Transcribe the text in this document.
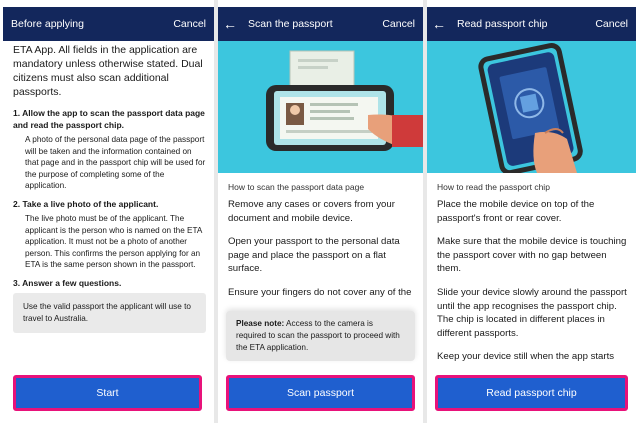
Before applying	Cancel
ETA App. All fields in the application are mandatory unless otherwise stated. Dual citizens must also scan additional passports.
1. Allow the app to scan the passport data page and read the passport chip.
A photo of the personal data page of the passport will be taken and the information contained on that page and in the passport chip will be used for the purpose of completing some of the application.
2. Take a live photo of the applicant.
The live photo must be of the applicant. The applicant is the person who is named on the ETA application. It must not be a photo of another person. This confirms the person applying for an ETA is the same person shown in the passport.
3. Answer a few questions.
Use the valid passport the applicant will use to travel to Australia.
Start
←	Scan the passport	Cancel
How to scan the passport data page
Remove any cases or covers from your document and mobile device.
Open your passport to the personal data page and place the passport on a flat surface.
Ensure your fingers do not cover any of the
Please note: Access to the camera is required to scan the passport to proceed with the ETA application.
Scan passport
←	Read passport chip	Cancel
How to read the passport chip
Place the mobile device on top of the passport's front or rear cover.
Make sure that the mobile device is touching the passport cover with no gap between them.
Slide your device slowly around the passport until the app recognises the passport chip. The chip is located in different places in different passports.
Keep your device still when the app starts
Read passport chip
